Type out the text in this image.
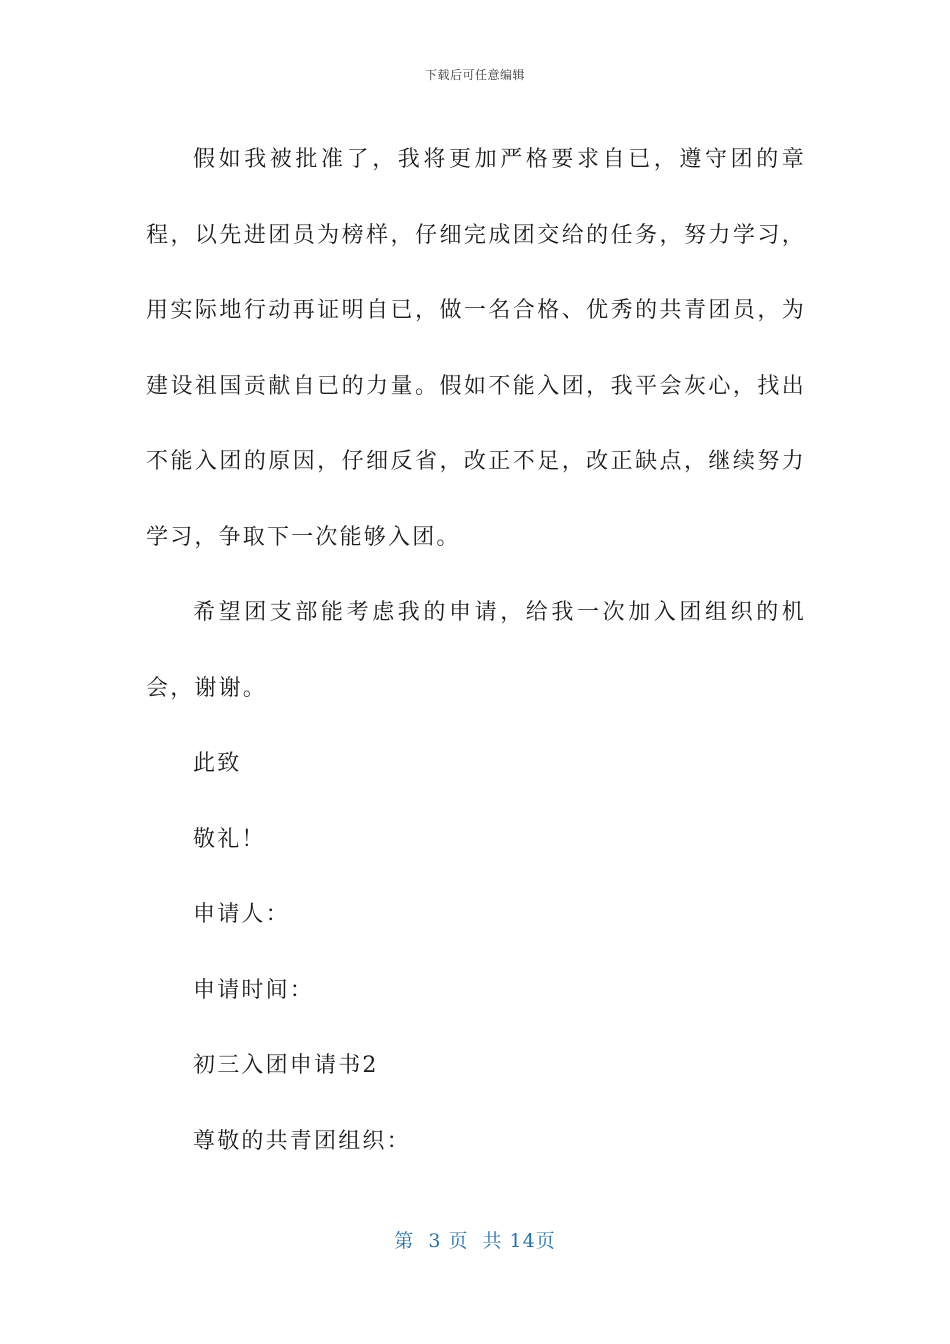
下载后可任意编辑

假如我被批准了，我将更加严格要求自已，遵守团的章程，以先进团员为榜样，仔细完成团交给的任务，努力学习，用实际地行动再证明自已，做一名合格、优秀的共青团员，为建设祖国贡献自已的力量。假如不能入团，我平会灰心，找出不能入团的原因，仔细反省，改正不足，改正缺点，继续努力学习，争取下一次能够入团。

希望团支部能考虑我的申请，给我一次加入团组织的机会，谢谢。

此致

敬礼！

申请人：

申请时间：

初三入团申请书2

尊敬的共青团组织：

第  3 页  共 14页
